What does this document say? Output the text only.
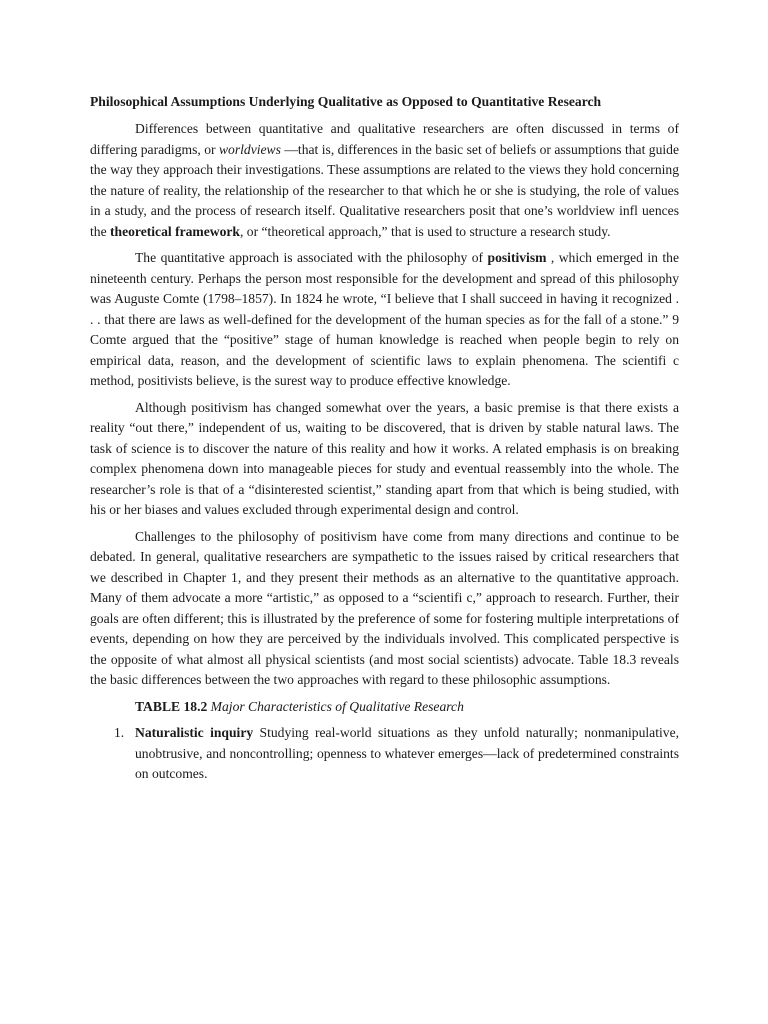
Philosophical Assumptions Underlying Qualitative as Opposed to Quantitative Research

Differences between quantitative and qualitative researchers are often discussed in terms of differing paradigms, or worldviews —that is, differences in the basic set of beliefs or assumptions that guide the way they approach their investigations. These assumptions are related to the views they hold concerning the nature of reality, the relationship of the researcher to that which he or she is studying, the role of values in a study, and the process of research itself. Qualitative researchers posit that one’s worldview infl uences the theoretical framework, or “theoretical approach,” that is used to structure a research study.

The quantitative approach is associated with the philosophy of positivism , which emerged in the nineteenth century. Perhaps the person most responsible for the development and spread of this philosophy was Auguste Comte (1798–1857). In 1824 he wrote, “I believe that I shall succeed in having it recognized . . . that there are laws as well-defined for the development of the human species as for the fall of a stone.” 9 Comte argued that the “positive” stage of human knowledge is reached when people begin to rely on empirical data, reason, and the development of scientific laws to explain phenomena. The scientifi c method, positivists believe, is the surest way to produce effective knowledge.

Although positivism has changed somewhat over the years, a basic premise is that there exists a reality “out there,” independent of us, waiting to be discovered, that is driven by stable natural laws. The task of science is to discover the nature of this reality and how it works. A related emphasis is on breaking complex phenomena down into manageable pieces for study and eventual reassembly into the whole. The researcher’s role is that of a “disinterested scientist,” standing apart from that which is being studied, with his or her biases and values excluded through experimental design and control.

Challenges to the philosophy of positivism have come from many directions and continue to be debated. In general, qualitative researchers are sympathetic to the issues raised by critical researchers that we described in Chapter 1, and they present their methods as an alternative to the quantitative approach. Many of them advocate a more “artistic,” as opposed to a “scientifi c,” approach to research. Further, their goals are often different; this is illustrated by the preference of some for fostering multiple interpretations of events, depending on how they are perceived by the individuals involved. This complicated perspective is the opposite of what almost all physical scientists (and most social scientists) advocate. Table 18.3 reveals the basic differences between the two approaches with regard to these philosophic assumptions.

TABLE 18.2 Major Characteristics of Qualitative Research
1. Naturalistic inquiry Studying real-world situations as they unfold naturally; nonmanipulative, unobtrusive, and noncontrolling; openness to whatever emerges—lack of predetermined constraints on outcomes.
